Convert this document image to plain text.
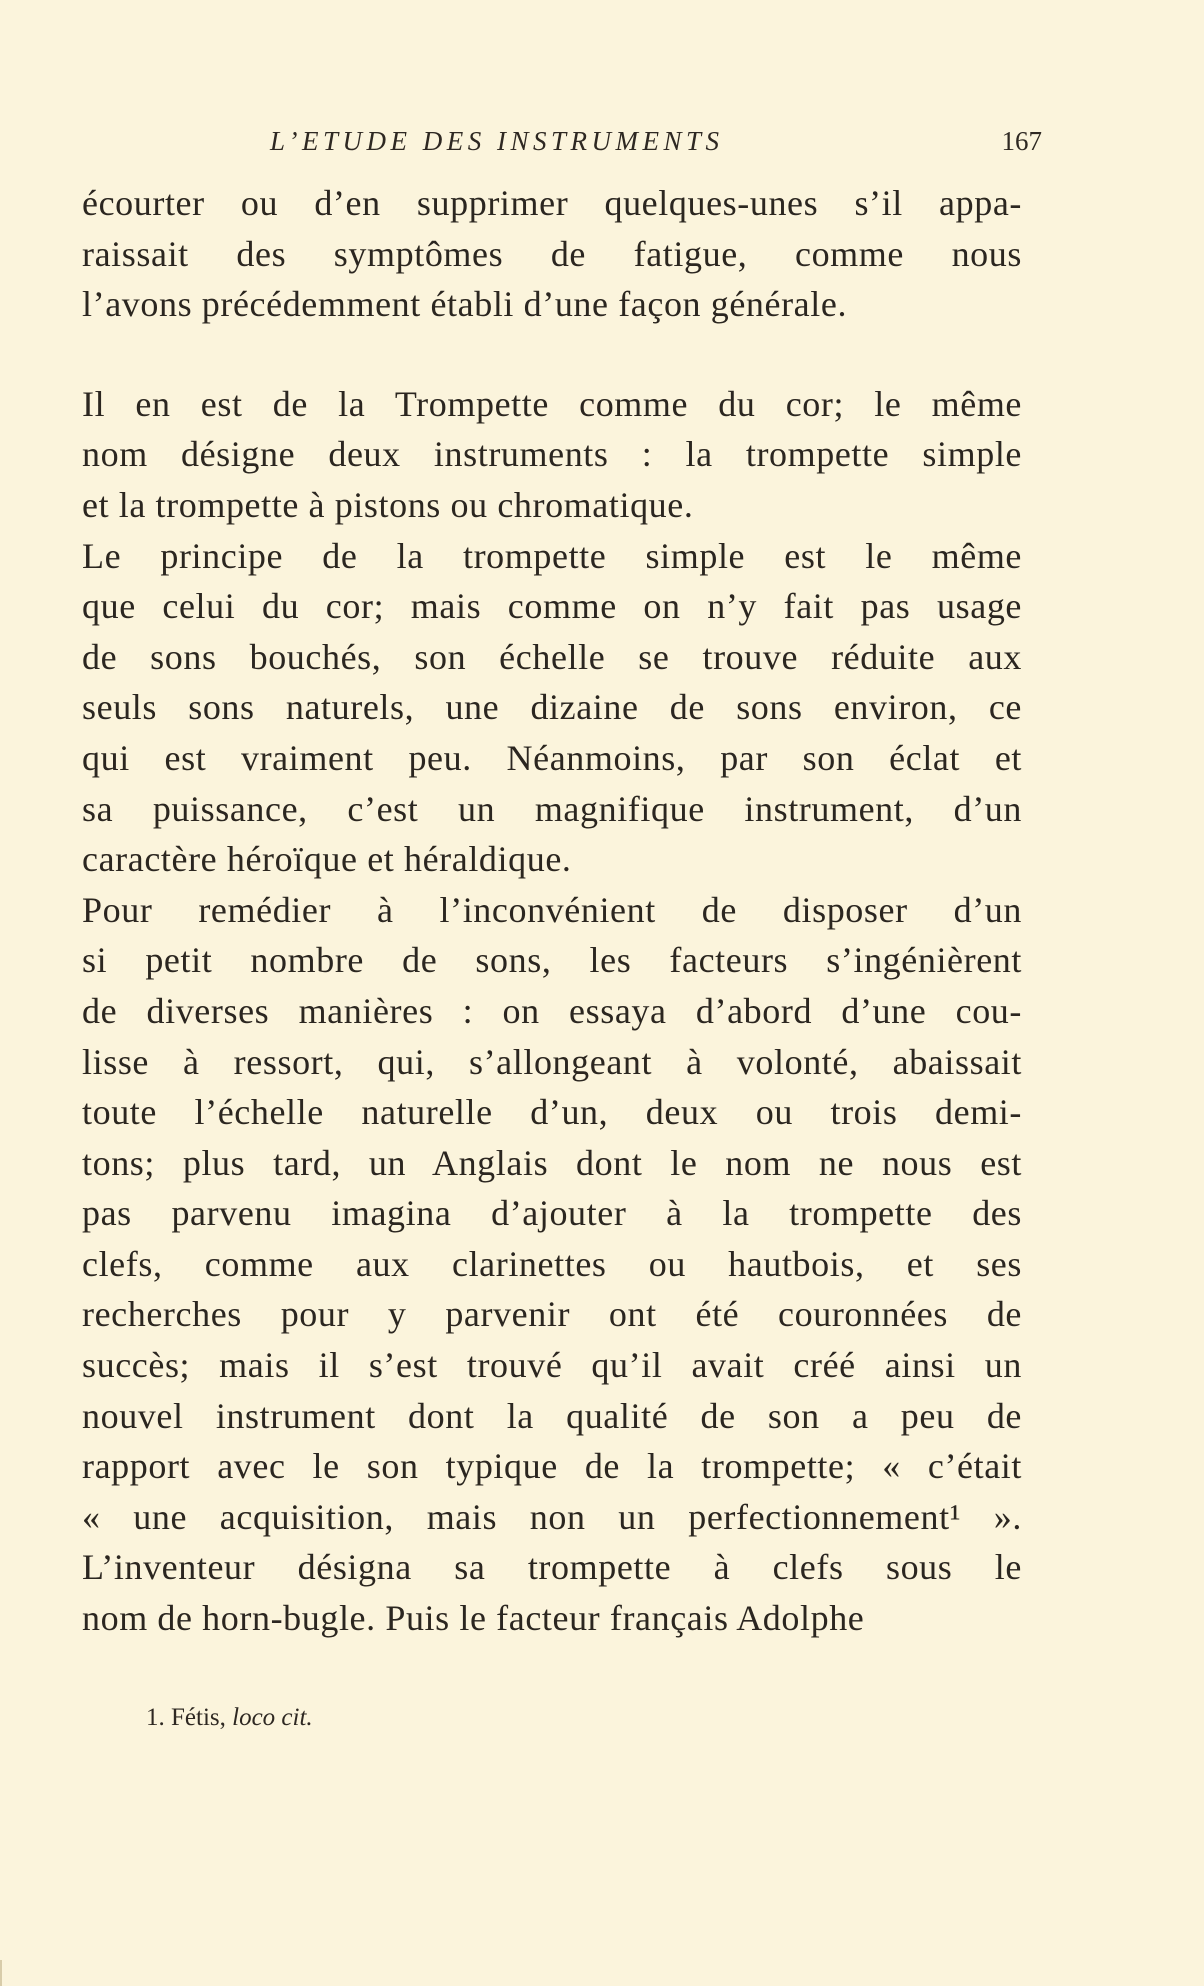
L’ETUDE DES INSTRUMENTS	167
écourter ou d’en supprimer quelques-unes s’il appa-
raissait des symptômes de fatigue, comme nous
l’avons précédemment établi d’une façon générale.
Il en est de la Trompette comme du cor; le même
nom désigne deux instruments : la trompette simple
et la trompette à pistons ou chromatique.
Le principe de la trompette simple est le même
que celui du cor; mais comme on n’y fait pas usage
de sons bouchés, son échelle se trouve réduite aux
seuls sons naturels, une dizaine de sons environ, ce
qui est vraiment peu. Néanmoins, par son éclat et
sa puissance, c’est un magnifique instrument, d’un
caractère héroïque et héraldique.
Pour remédier à l’inconvénient de disposer d’un
si petit nombre de sons, les facteurs s’ingénièrent
de diverses manières : on essaya d’abord d’une cou-
lisse à ressort, qui, s’allongeant à volonté, abaissait
toute l’échelle naturelle d’un, deux ou trois demi-
tons; plus tard, un Anglais dont le nom ne nous est
pas parvenu imagina d’ajouter à la trompette des
clefs, comme aux clarinettes ou hautbois, et ses
recherches pour y parvenir ont été couronnées de
succès; mais il s’est trouvé qu’il avait créé ainsi un
nouvel instrument dont la qualité de son a peu de
rapport avec le son typique de la trompette; « c’était
« une acquisition, mais non un perfectionnement¹ ».
L’inventeur désigna sa trompette à clefs sous le
nom de horn-bugle. Puis le facteur français Adolphe
1. Fétis, loco cit.
